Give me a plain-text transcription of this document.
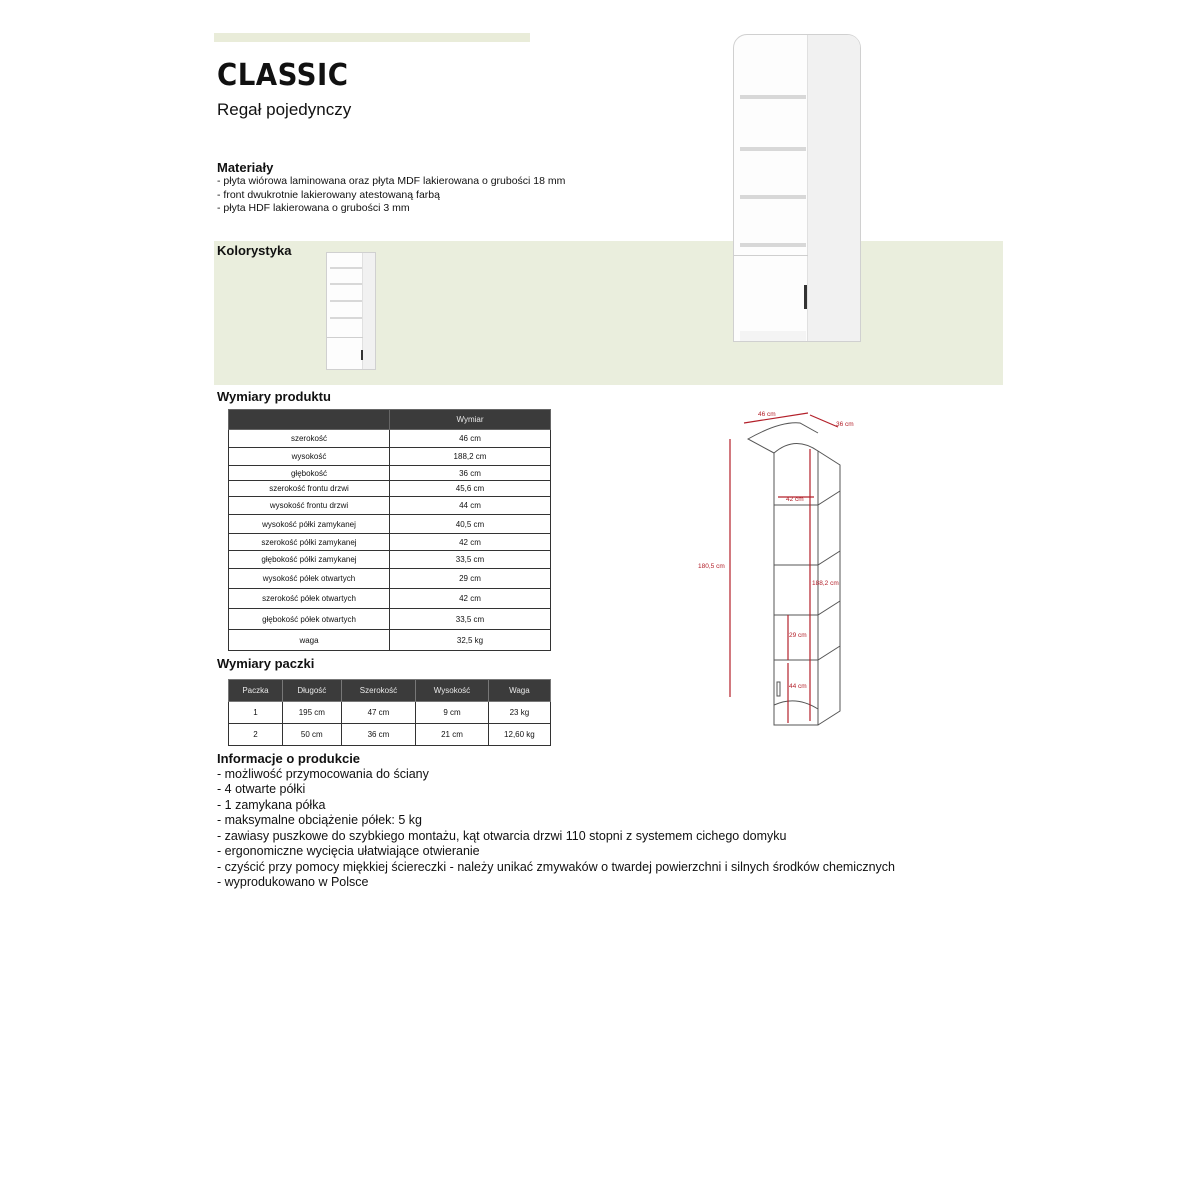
CLASSIC
Regał pojedynczy
Materiały
- płyta wiórowa laminowana oraz płyta MDF lakierowana o grubości 18 mm
- front dwukrotnie lakierowany atestowaną farbą
- płyta HDF lakierowana o grubości 3 mm
Kolorystyka
Wymiary produktu
	Wymiar
szerokość	46 cm
wysokość	188,2 cm
głębokość	36 cm
szerokość frontu drzwi	45,6 cm
wysokość frontu drzwi	44 cm
wysokość półki zamykanej	40,5 cm
szerokość półki zamykanej	42 cm
głębokość półki zamykanej	33,5 cm
wysokość półek otwartych	29 cm
szerokość półek otwartych	42 cm
głębokość półek otwartych	33,5 cm
waga	32,5 kg
Wymiary paczki
Paczka	Długość	Szerokość	Wysokość	Waga
1	195 cm	47 cm	9 cm	23 kg
2	50 cm	36 cm	21 cm	12,60 kg
46 cm
36 cm
180,5 cm
188,2 cm
42 cm
29 cm
44 cm
Informacje o produkcie
- możliwość przymocowania do ściany
- 4 otwarte półki
- 1 zamykana półka
- maksymalne obciążenie półek: 5 kg
- zawiasy puszkowe do szybkiego montażu, kąt otwarcia drzwi 110 stopni z systemem cichego domyku
- ergonomiczne wycięcia ułatwiające otwieranie
- czyścić przy pomocy miękkiej ściereczki - należy unikać zmywaków o twardej powierzchni i silnych środków chemicznych
- wyprodukowano w Polsce
